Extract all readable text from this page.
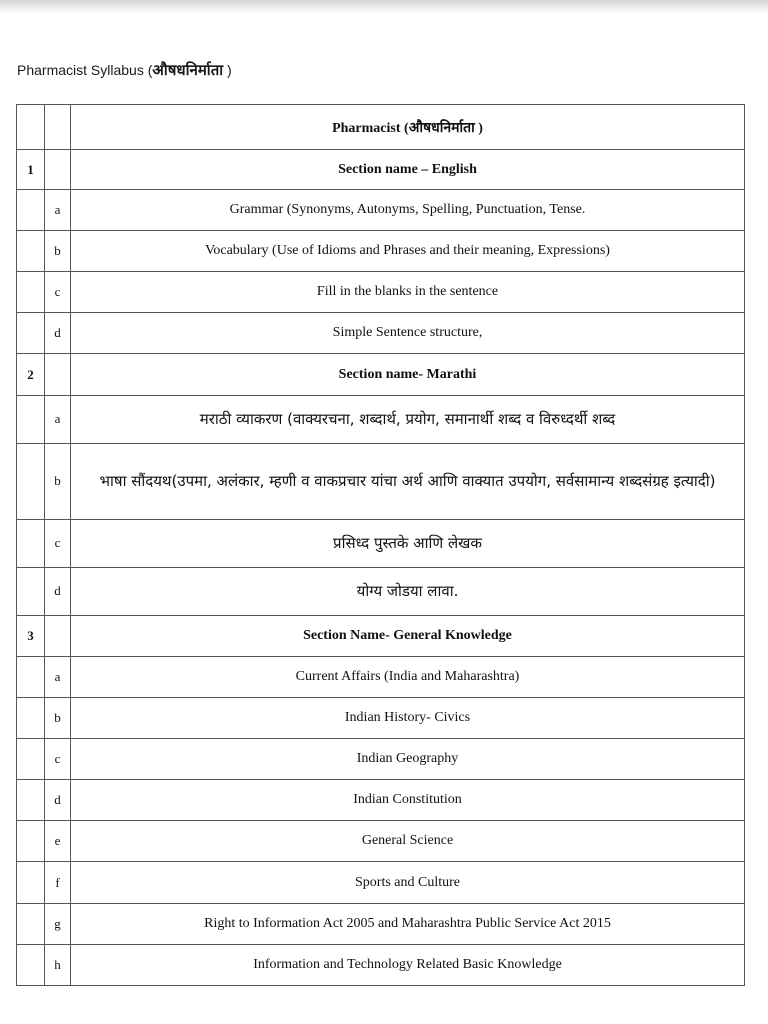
Pharmacist Syllabus (औषधनिर्माता )
		Pharmacist (औषधनिर्माता )
1		Section name – English
	a	Grammar (Synonyms, Autonyms, Spelling, Punctuation, Tense.
	b	Vocabulary (Use of Idioms and Phrases and their meaning, Expressions)
	c	Fill in the blanks in the sentence
	d	Simple Sentence structure,
2		Section name- Marathi
	a	मराठी व्याकरण (वाक्यरचना, शब्दार्थ, प्रयोग, समानार्थी शब्द व विरुध्दर्थी शब्द
	b	भाषा सौंदयथ(उपमा, अलंकार, म्हणी व वाकप्रचार यांचा अर्थ आणि वाक्यात उपयोग, सर्वसामान्य शब्दसंग्रह इत्यादी)
	c	प्रसिध्द पुस्तके आणि लेखक
	d	योग्य जोडया लावा.
3		Section Name- General Knowledge
	a	Current Affairs (India and Maharashtra)
	b	Indian History- Civics
	c	Indian Geography
	d	Indian Constitution
	e	General Science
	f	Sports and Culture
	g	Right to Information Act 2005 and Maharashtra Public Service Act 2015
	h	Information and Technology Related Basic Knowledge
